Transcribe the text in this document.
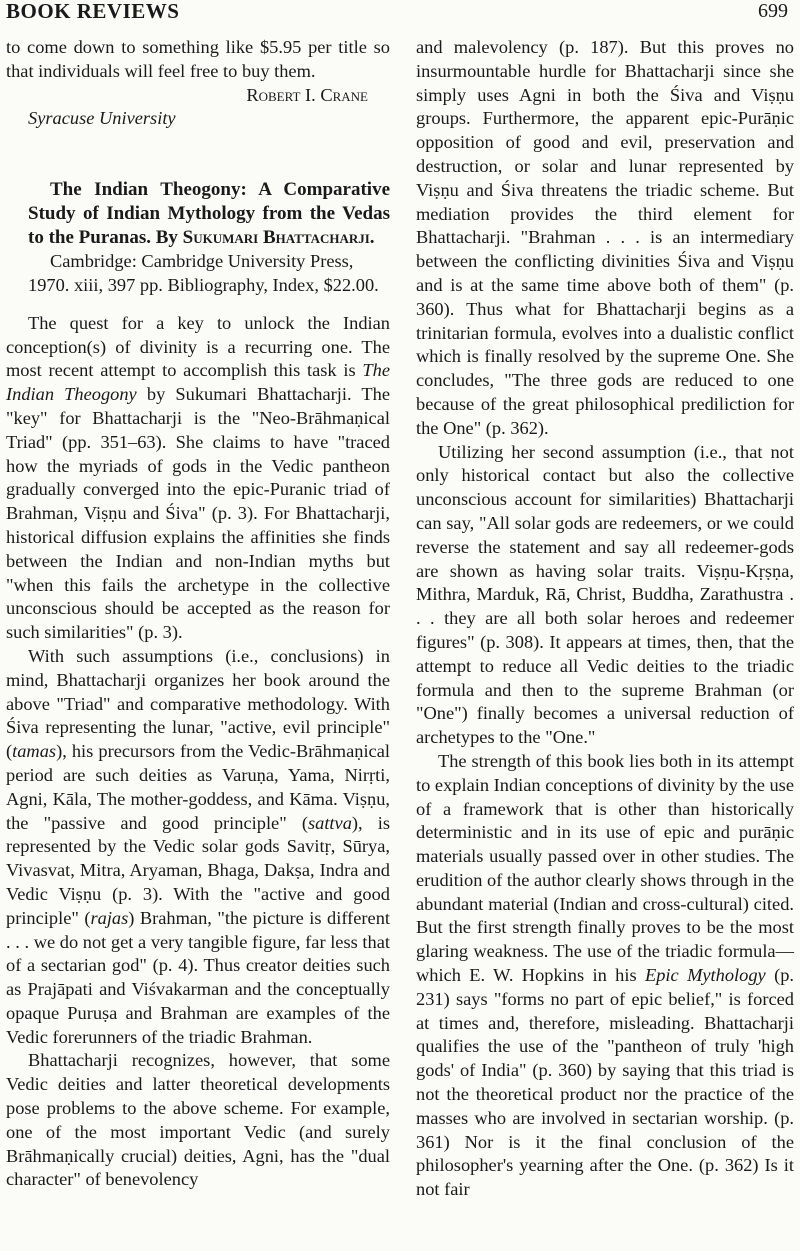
BOOK REVIEWS	699

to come down to something like $5.95 per title so that individuals will feel free to buy them.

Robert I. Crane

Syracuse University

The Indian Theogony: A Comparative Study of Indian Mythology from the Vedas to the Puranas. By Sukumari Bhattacharji.

Cambridge: Cambridge University Press, 1970. xiii, 397 pp. Bibliography, Index, $22.00.

The quest for a key to unlock the Indian conception(s) of divinity is a recurring one. The most recent attempt to accomplish this task is The Indian Theogony by Sukumari Bhattacharji. The "key" for Bhattacharji is the "Neo-Brāhmaṇical Triad" (pp. 351–63). She claims to have "traced how the myriads of gods in the Vedic pantheon gradually converged into the epic-Puranic triad of Brahman, Viṣṇu and Śiva" (p. 3). For Bhattacharji, historical diffusion explains the affinities she finds between the Indian and non-Indian myths but "when this fails the archetype in the collective unconscious should be accepted as the reason for such similarities" (p. 3).

With such assumptions (i.e., conclusions) in mind, Bhattacharji organizes her book around the above "Triad" and comparative methodology. With Śiva representing the lunar, "active, evil principle" (tamas), his precursors from the Vedic-Brāhmaṇical period are such deities as Varuṇa, Yama, Nirṛti, Agni, Kāla, The mother-goddess, and Kāma. Viṣṇu, the "passive and good principle" (sattva), is represented by the Vedic solar gods Savitṛ, Sūrya, Vivasvat, Mitra, Aryaman, Bhaga, Dakṣa, Indra and Vedic Viṣṇu (p. 3). With the "active and good principle" (rajas) Brahman, "the picture is different . . . we do not get a very tangible figure, far less that of a sectarian god" (p. 4). Thus creator deities such as Prajāpati and Viśvakarman and the conceptually opaque Puruṣa and Brahman are examples of the Vedic forerunners of the triadic Brahman.

Bhattacharji recognizes, however, that some Vedic deities and latter theoretical developments pose problems to the above scheme. For example, one of the most important Vedic (and surely Brāhmaṇically crucial) deities, Agni, has the "dual character" of benevolency

and malevolency (p. 187). But this proves no insurmountable hurdle for Bhattacharji since she simply uses Agni in both the Śiva and Viṣṇu groups. Furthermore, the apparent epic-Purāṇic opposition of good and evil, preservation and destruction, or solar and lunar represented by Viṣṇu and Śiva threatens the triadic scheme. But mediation provides the third element for Bhattacharji. "Brahman . . . is an intermediary between the conflicting divinities Śiva and Viṣṇu and is at the same time above both of them" (p. 360). Thus what for Bhattacharji begins as a trinitarian formula, evolves into a dualistic conflict which is finally resolved by the supreme One. She concludes, "The three gods are reduced to one because of the great philosophical prediliction for the One" (p. 362).

Utilizing her second assumption (i.e., that not only historical contact but also the collective unconscious account for similarities) Bhattacharji can say, "All solar gods are redeemers, or we could reverse the statement and say all redeemer-gods are shown as having solar traits. Viṣṇu-Kṛṣṇa, Mithra, Marduk, Rā, Christ, Buddha, Zarathustra . . . they are all both solar heroes and redeemer figures" (p. 308). It appears at times, then, that the attempt to reduce all Vedic deities to the triadic formula and then to the supreme Brahman (or "One") finally becomes a universal reduction of archetypes to the "One."

The strength of this book lies both in its attempt to explain Indian conceptions of divinity by the use of a framework that is other than historically deterministic and in its use of epic and purāṇic materials usually passed over in other studies. The erudition of the author clearly shows through in the abundant material (Indian and cross-cultural) cited. But the first strength finally proves to be the most glaring weakness. The use of the triadic formula—which E. W. Hopkins in his Epic Mythology (p. 231) says "forms no part of epic belief," is forced at times and, therefore, misleading. Bhattacharji qualifies the use of the "pantheon of truly 'high gods' of India" (p. 360) by saying that this triad is not the theoretical product nor the practice of the masses who are involved in sectarian worship. (p. 361) Nor is it the final conclusion of the philosopher's yearning after the One. (p. 362) Is it not fair
